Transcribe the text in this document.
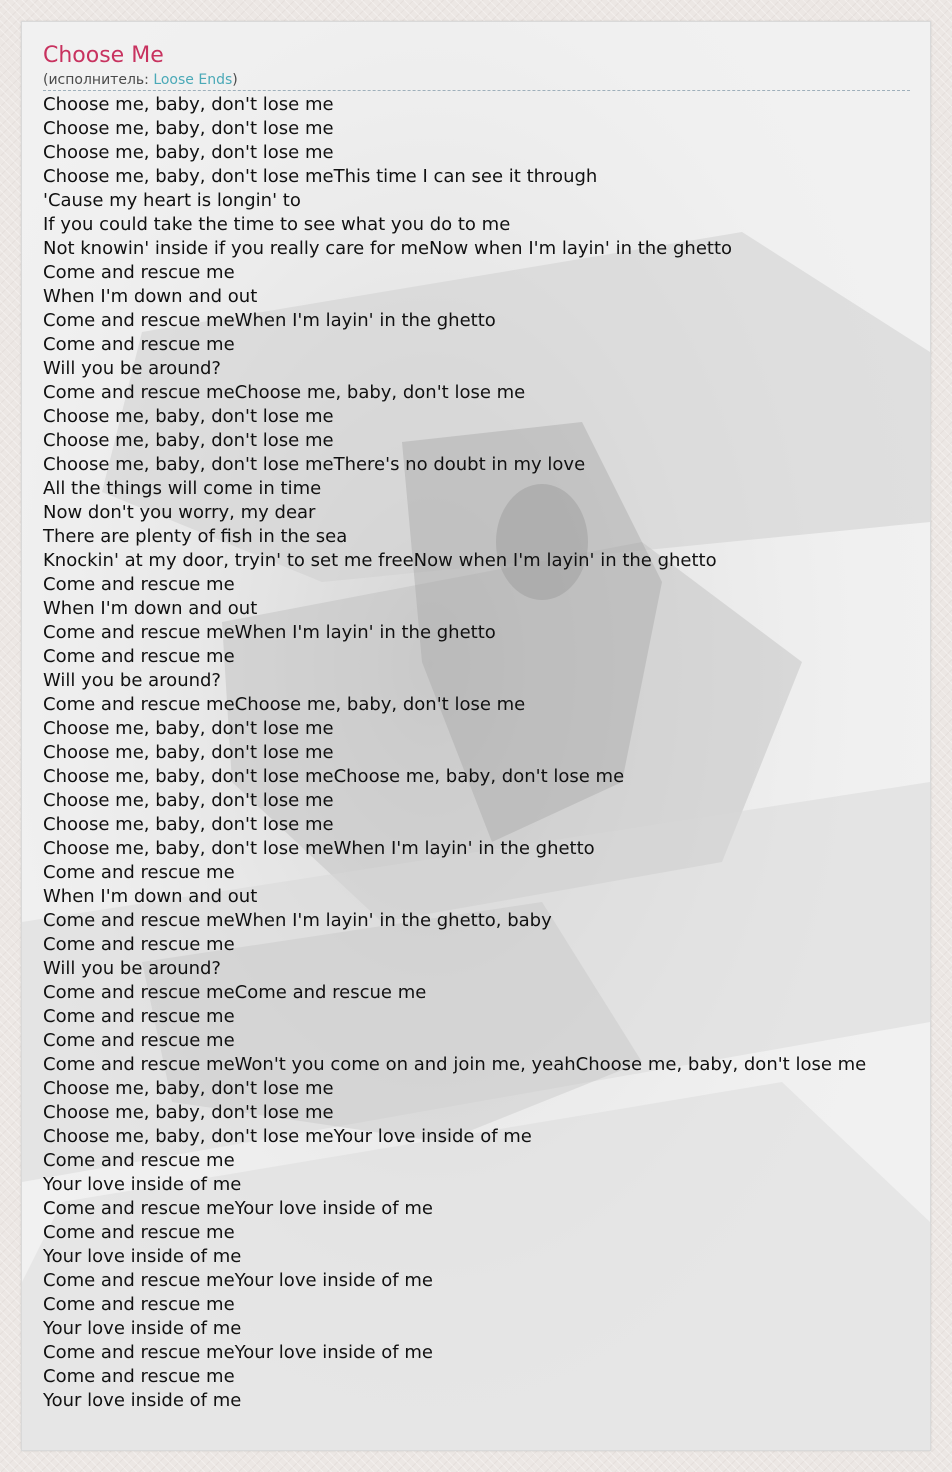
Choose Me
(исполнитель: Loose Ends)
Choose me, baby, don't lose me
Choose me, baby, don't lose me
Choose me, baby, don't lose me
Choose me, baby, don't lose meThis time I can see it through
'Cause my heart is longin' to
If you could take the time to see what you do to me
Not knowin' inside if you really care for meNow when I'm layin' in the ghetto
Come and rescue me
When I'm down and out
Come and rescue meWhen I'm layin' in the ghetto
Come and rescue me
Will you be around?
Come and rescue meChoose me, baby, don't lose me
Choose me, baby, don't lose me
Choose me, baby, don't lose me
Choose me, baby, don't lose meThere's no doubt in my love
All the things will come in time
Now don't you worry, my dear
There are plenty of fish in the sea
Knockin' at my door, tryin' to set me freeNow when I'm layin' in the ghetto
Come and rescue me
When I'm down and out
Come and rescue meWhen I'm layin' in the ghetto
Come and rescue me
Will you be around?
Come and rescue meChoose me, baby, don't lose me
Choose me, baby, don't lose me
Choose me, baby, don't lose me
Choose me, baby, don't lose meChoose me, baby, don't lose me
Choose me, baby, don't lose me
Choose me, baby, don't lose me
Choose me, baby, don't lose meWhen I'm layin' in the ghetto
Come and rescue me
When I'm down and out
Come and rescue meWhen I'm layin' in the ghetto, baby
Come and rescue me
Will you be around?
Come and rescue meCome and rescue me
Come and rescue me
Come and rescue me
Come and rescue meWon't you come on and join me, yeahChoose me, baby, don't lose me
Choose me, baby, don't lose me
Choose me, baby, don't lose me
Choose me, baby, don't lose meYour love inside of me
Come and rescue me
Your love inside of me
Come and rescue meYour love inside of me
Come and rescue me
Your love inside of me
Come and rescue meYour love inside of me
Come and rescue me
Your love inside of me
Come and rescue meYour love inside of me
Come and rescue me
Your love inside of me
